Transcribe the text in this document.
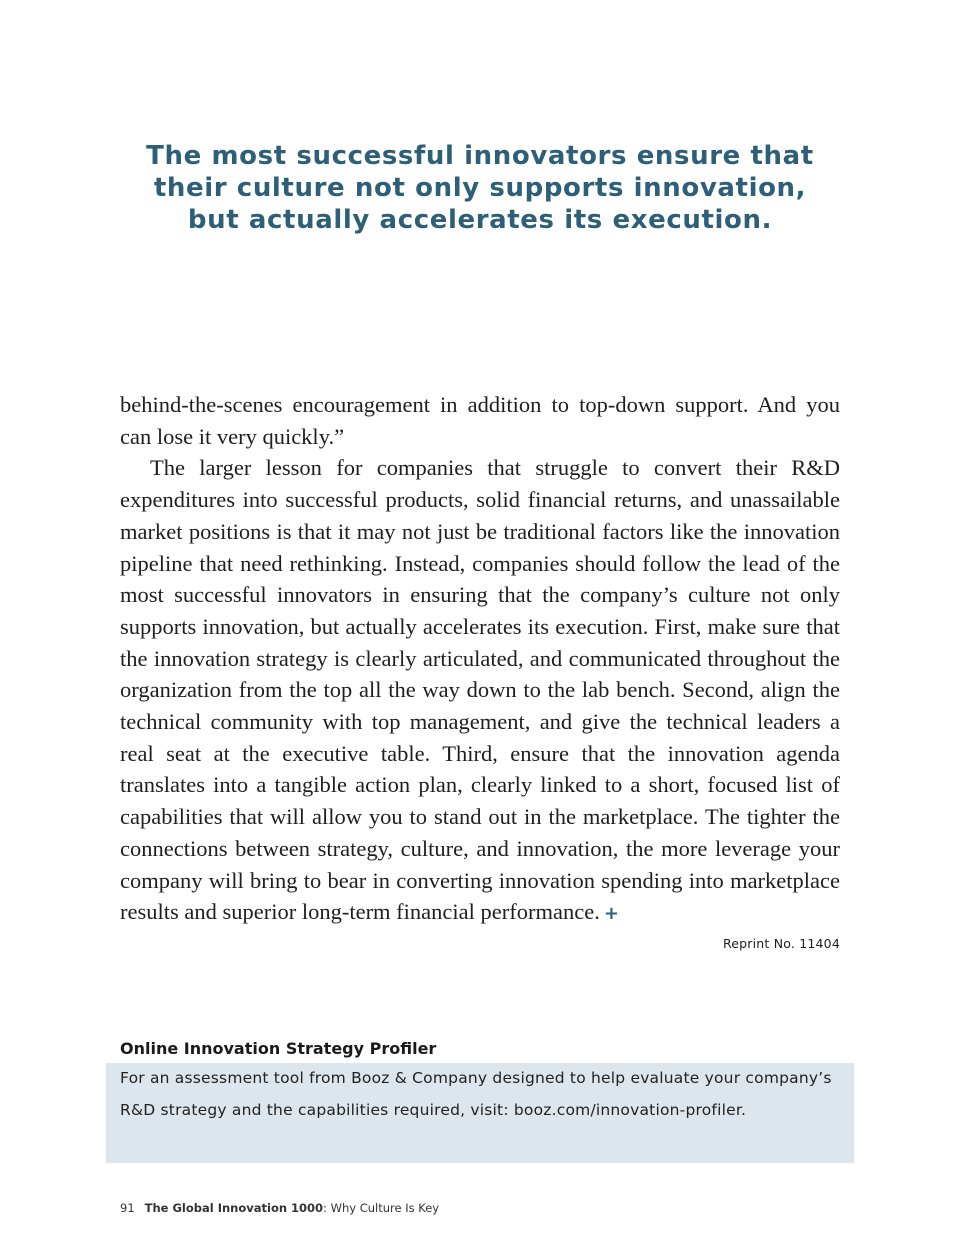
The most successful innovators ensure that
their culture not only supports innovation,
but actually accelerates its execution.

behind-the-scenes encouragement in addition to top-down support. And you can lose it very quickly.”

The larger lesson for companies that struggle to convert their R&D expenditures into successful products, solid financial returns, and unassailable market positions is that it may not just be traditional factors like the innovation pipeline that need rethinking. Instead, companies should follow the lead of the most successful innovators in ensuring that the company’s culture not only supports innovation, but actually accelerates its execution. First, make sure that the innovation strategy is clearly articulated, and communicated throughout the organization from the top all the way down to the lab bench. Second, align the technical community with top management, and give the technical leaders a real seat at the executive table. Third, ensure that the innovation agenda translates into a tangible action plan, clearly linked to a short, focused list of capabilities that will allow you to stand out in the marketplace. The tighter the connections between strategy, culture, and innovation, the more leverage your company will bring to bear in converting innovation spending into marketplace results and superior long-term financial performance. +

Reprint No. 11404
Online Innovation Strategy Profiler
For an assessment tool from Booz & Company designed to help evaluate your company’s R&D strategy and the capabilities required, visit: booz.com/innovation-profiler.
91 The Global Innovation 1000: Why Culture Is Key
